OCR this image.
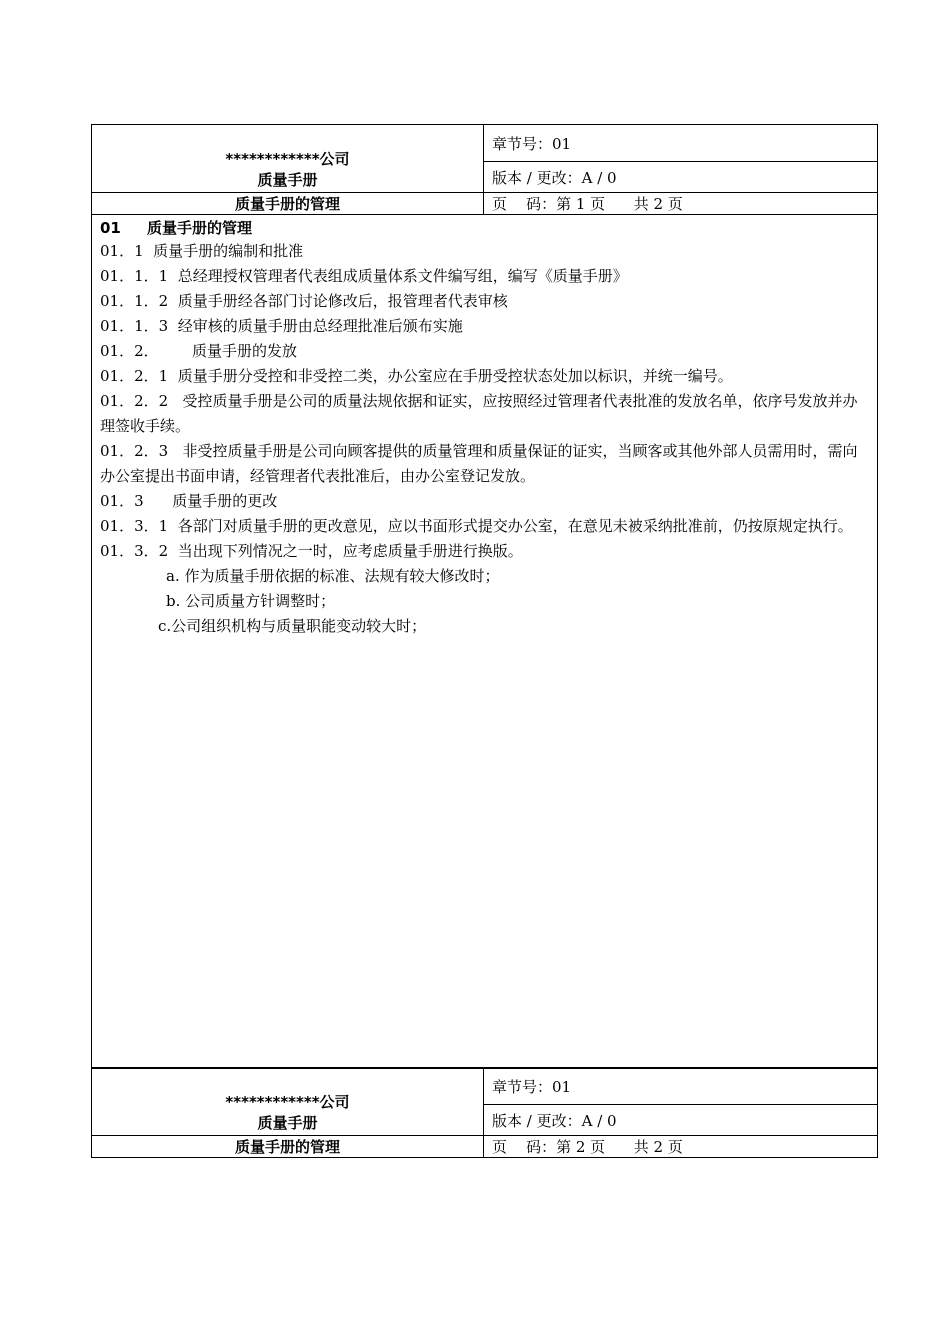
************公司
质量手册
章节号：01
版本 / 更改：A / 0
质量手册的管理	页    码：第 1 页      共 2 页

01     质量手册的管理

01．1  质量手册的编制和批准

01．1．1  总经理授权管理者代表组成质量体系文件编写组，编写《质量手册》

01．1．2  质量手册经各部门讨论修改后，报管理者代表审核

01．1．3  经审核的质量手册由总经理批准后颁布实施

01．2．       质量手册的发放

01．2．1  质量手册分受控和非受控二类，办公室应在手册受控状态处加以标识，并统一编号。

01．2．2   受控质量手册是公司的质量法规依据和证实，应按照经过管理者代表批准的发放名单，依序号发放并办理签收手续。

01．2．3   非受控质量手册是公司向顾客提供的质量管理和质量保证的证实，当顾客或其他外部人员需用时，需向办公室提出书面申请，经管理者代表批准后，由办公室登记发放。

01．3      质量手册的更改

01．3．1  各部门对质量手册的更改意见，应以书面形式提交办公室，在意见未被采纳批准前，仍按原规定执行。

01．3．2  当出现下列情况之一时，应考虑质量手册进行换版。

a. 作为质量手册依据的标准、法规有较大修改时；

b. 公司质量方针调整时；

c.公司组织机构与质量职能变动较大时；

************公司
质量手册
章节号：01
版本 / 更改：A / 0
质量手册的管理	页    码：第 2 页      共 2 页
